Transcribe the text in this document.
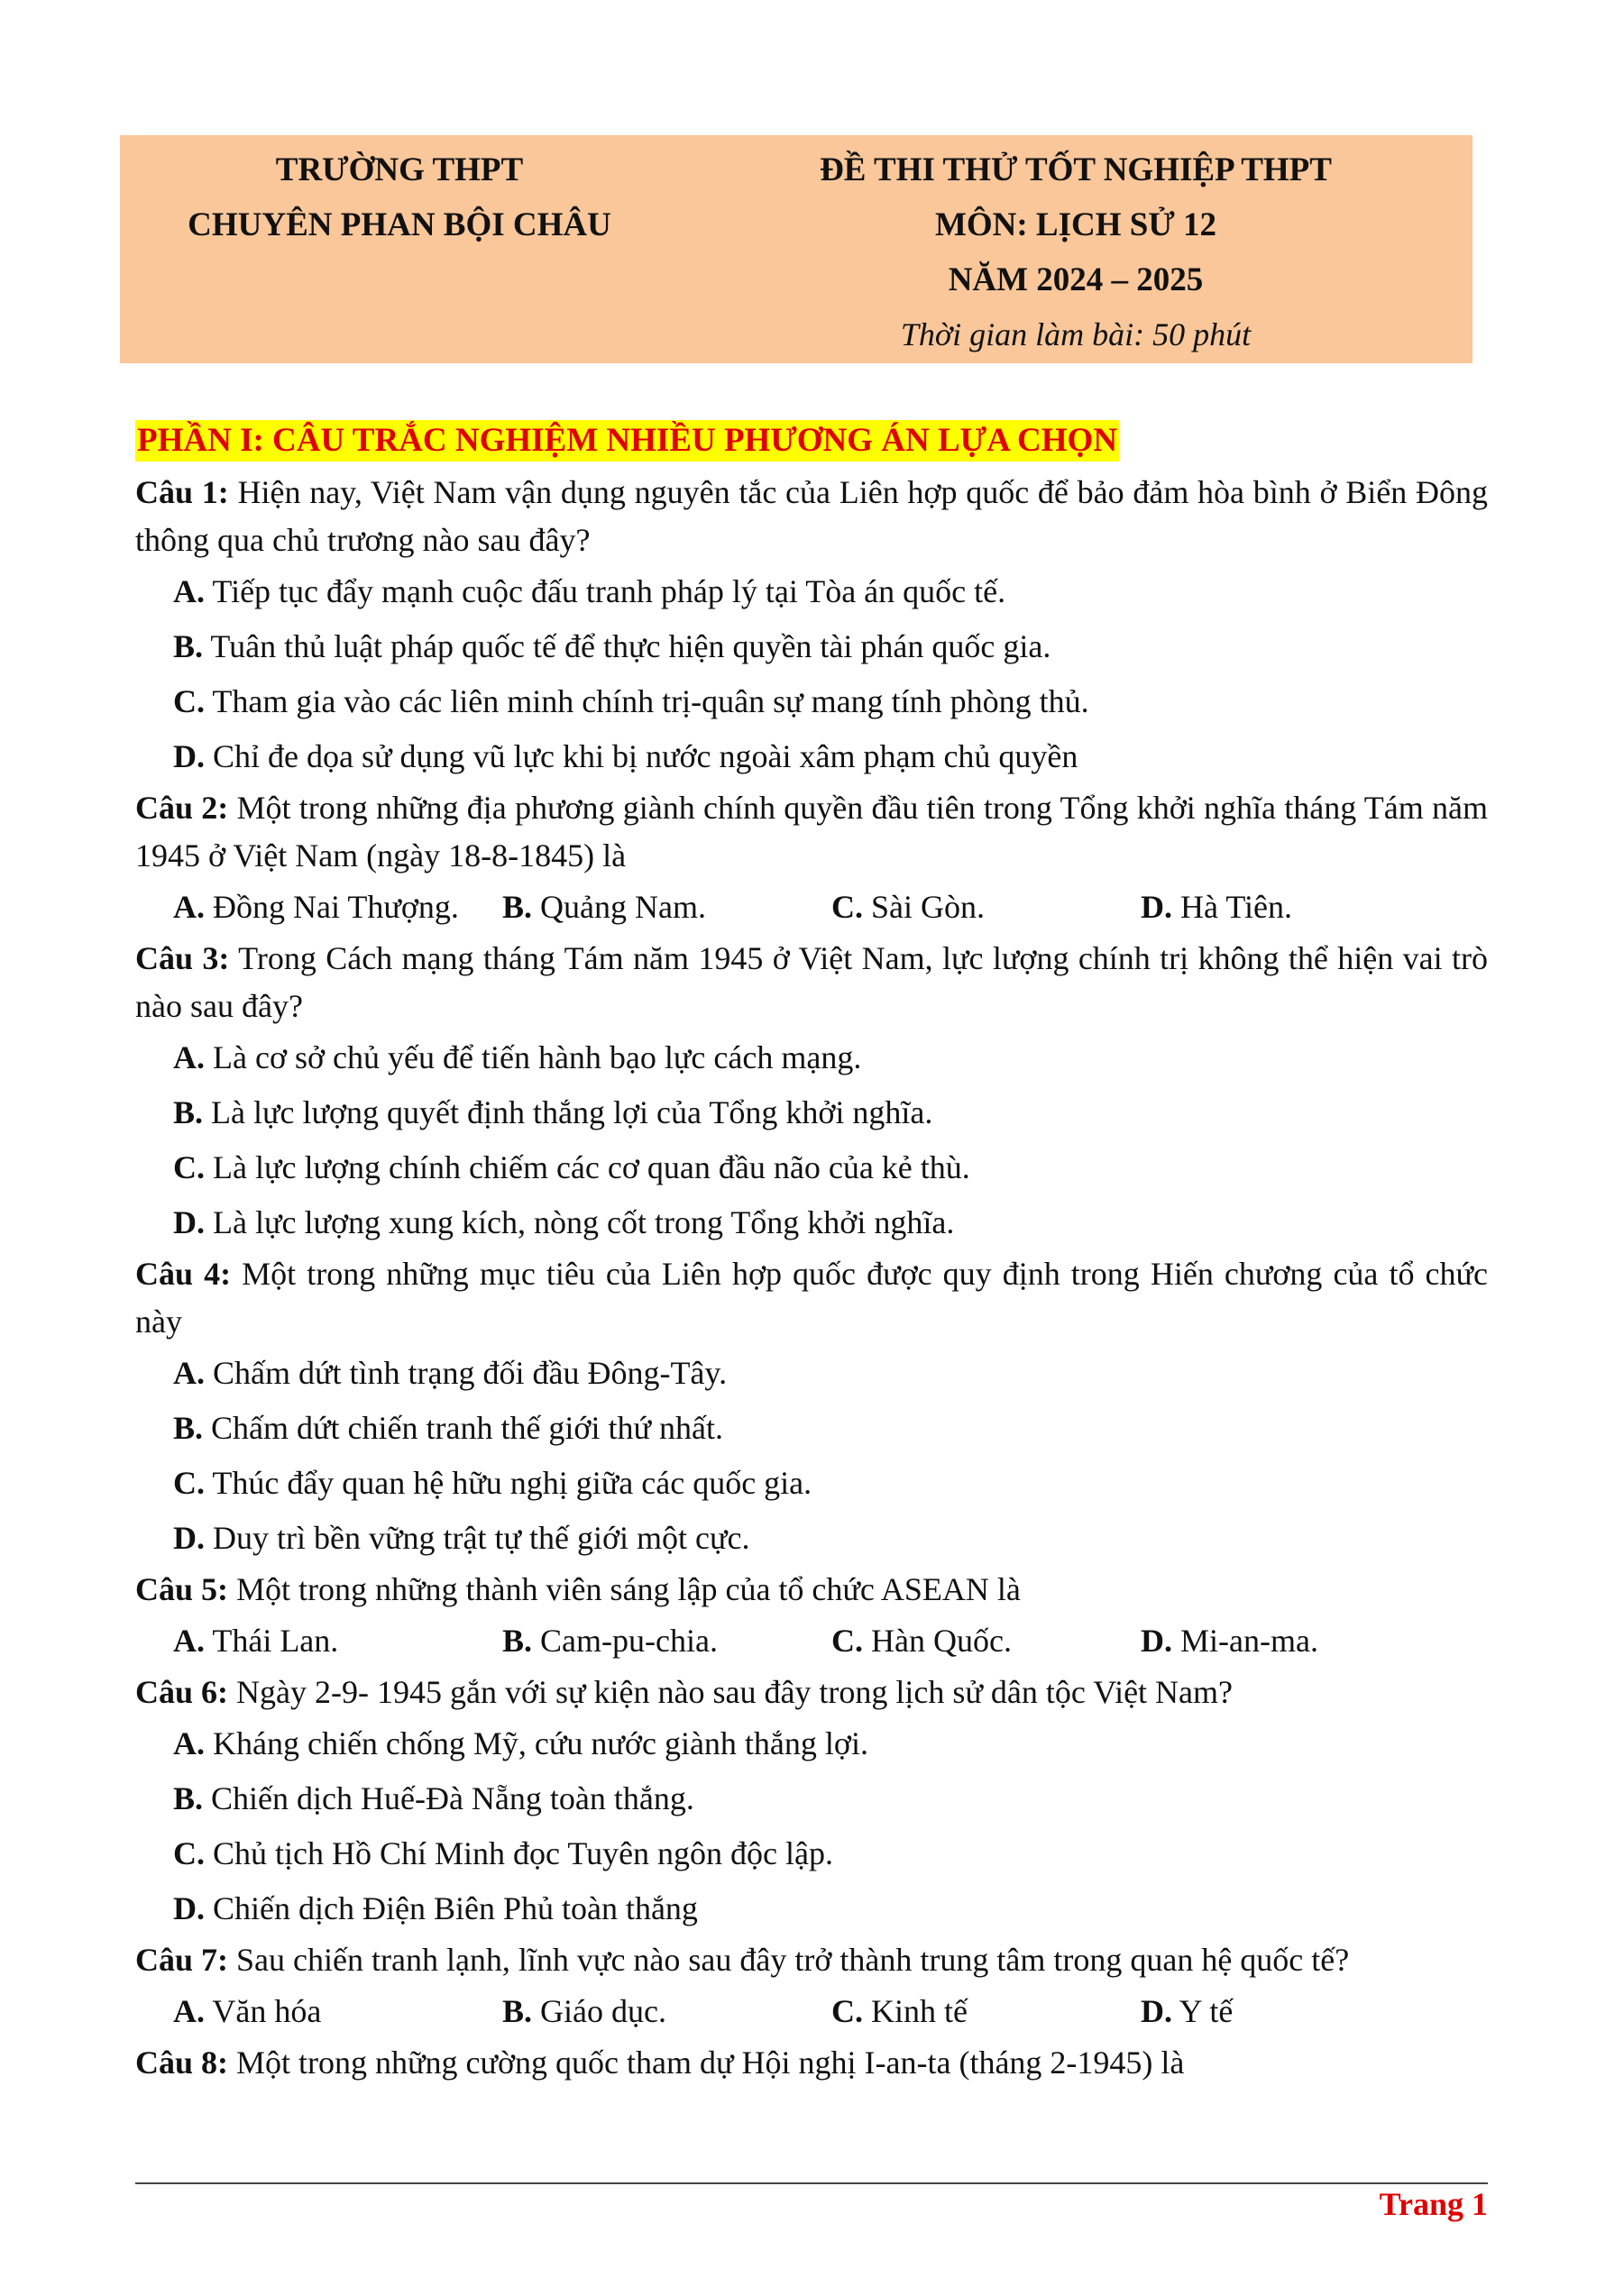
TRƯỜNG THPT
CHUYÊN PHAN BỘI CHÂU
ĐỀ THI THỬ TỐT NGHIỆP THPT
MÔN: LỊCH SỬ 12
NĂM 2024 – 2025
Thời gian làm bài: 50 phút
PHẦN I: CÂU TRẮC NGHIỆM NHIỀU PHƯƠNG ÁN LỰA CHỌN
Câu 1: Hiện nay, Việt Nam vận dụng nguyên tắc của Liên hợp quốc để bảo đảm hòa bình ở Biển Đông thông qua chủ trương nào sau đây?
A. Tiếp tục đẩy mạnh cuộc đấu tranh pháp lý tại Tòa án quốc tế.
B. Tuân thủ luật pháp quốc tế để thực hiện quyền tài phán quốc gia.
C. Tham gia vào các liên minh chính trị-quân sự mang tính phòng thủ.
D. Chỉ đe dọa sử dụng vũ lực khi bị nước ngoài xâm phạm chủ quyền
Câu 2: Một trong những địa phương giành chính quyền đầu tiên trong Tổng khởi nghĩa tháng Tám năm 1945 ở Việt Nam (ngày 18-8-1845) là
A. Đồng Nai Thượng. B. Quảng Nam.	C. Sài Gòn.	D. Hà Tiên.
Câu 3: Trong Cách mạng tháng Tám năm 1945 ở Việt Nam, lực lượng chính trị không thể hiện vai trò nào sau đây?
A. Là cơ sở chủ yếu để tiến hành bạo lực cách mạng.
B. Là lực lượng quyết định thắng lợi của Tổng khởi nghĩa.
C. Là lực lượng chính chiếm các cơ quan đầu não của kẻ thù.
D. Là lực lượng xung kích, nòng cốt trong Tổng khởi nghĩa.
Câu 4: Một trong những mục tiêu của Liên hợp quốc được quy định trong Hiến chương của tổ chức này
A. Chấm dứt tình trạng đối đầu Đông-Tây.
B. Chấm dứt chiến tranh thế giới thứ nhất.
C. Thúc đẩy quan hệ hữu nghị giữa các quốc gia.
D. Duy trì bền vững trật tự thế giới một cực.
Câu 5: Một trong những thành viên sáng lập của tổ chức ASEAN là
A. Thái Lan.	B. Cam-pu-chia.	C. Hàn Quốc.	D. Mi-an-ma.
Câu 6: Ngày 2-9- 1945 gắn với sự kiện nào sau đây trong lịch sử dân tộc Việt Nam?
A. Kháng chiến chống Mỹ, cứu nước giành thắng lợi.
B. Chiến dịch Huế-Đà Nẵng toàn thắng.
C. Chủ tịch Hồ Chí Minh đọc Tuyên ngôn độc lập.
D. Chiến dịch Điện Biên Phủ toàn thắng
Câu 7: Sau chiến tranh lạnh, lĩnh vực nào sau đây trở thành trung tâm trong quan hệ quốc tế?
A. Văn hóa	B. Giáo dục.	C. Kinh tế	D. Y tế
Câu 8: Một trong những cường quốc tham dự Hội nghị I-an-ta (tháng 2-1945) là
Trang 1
